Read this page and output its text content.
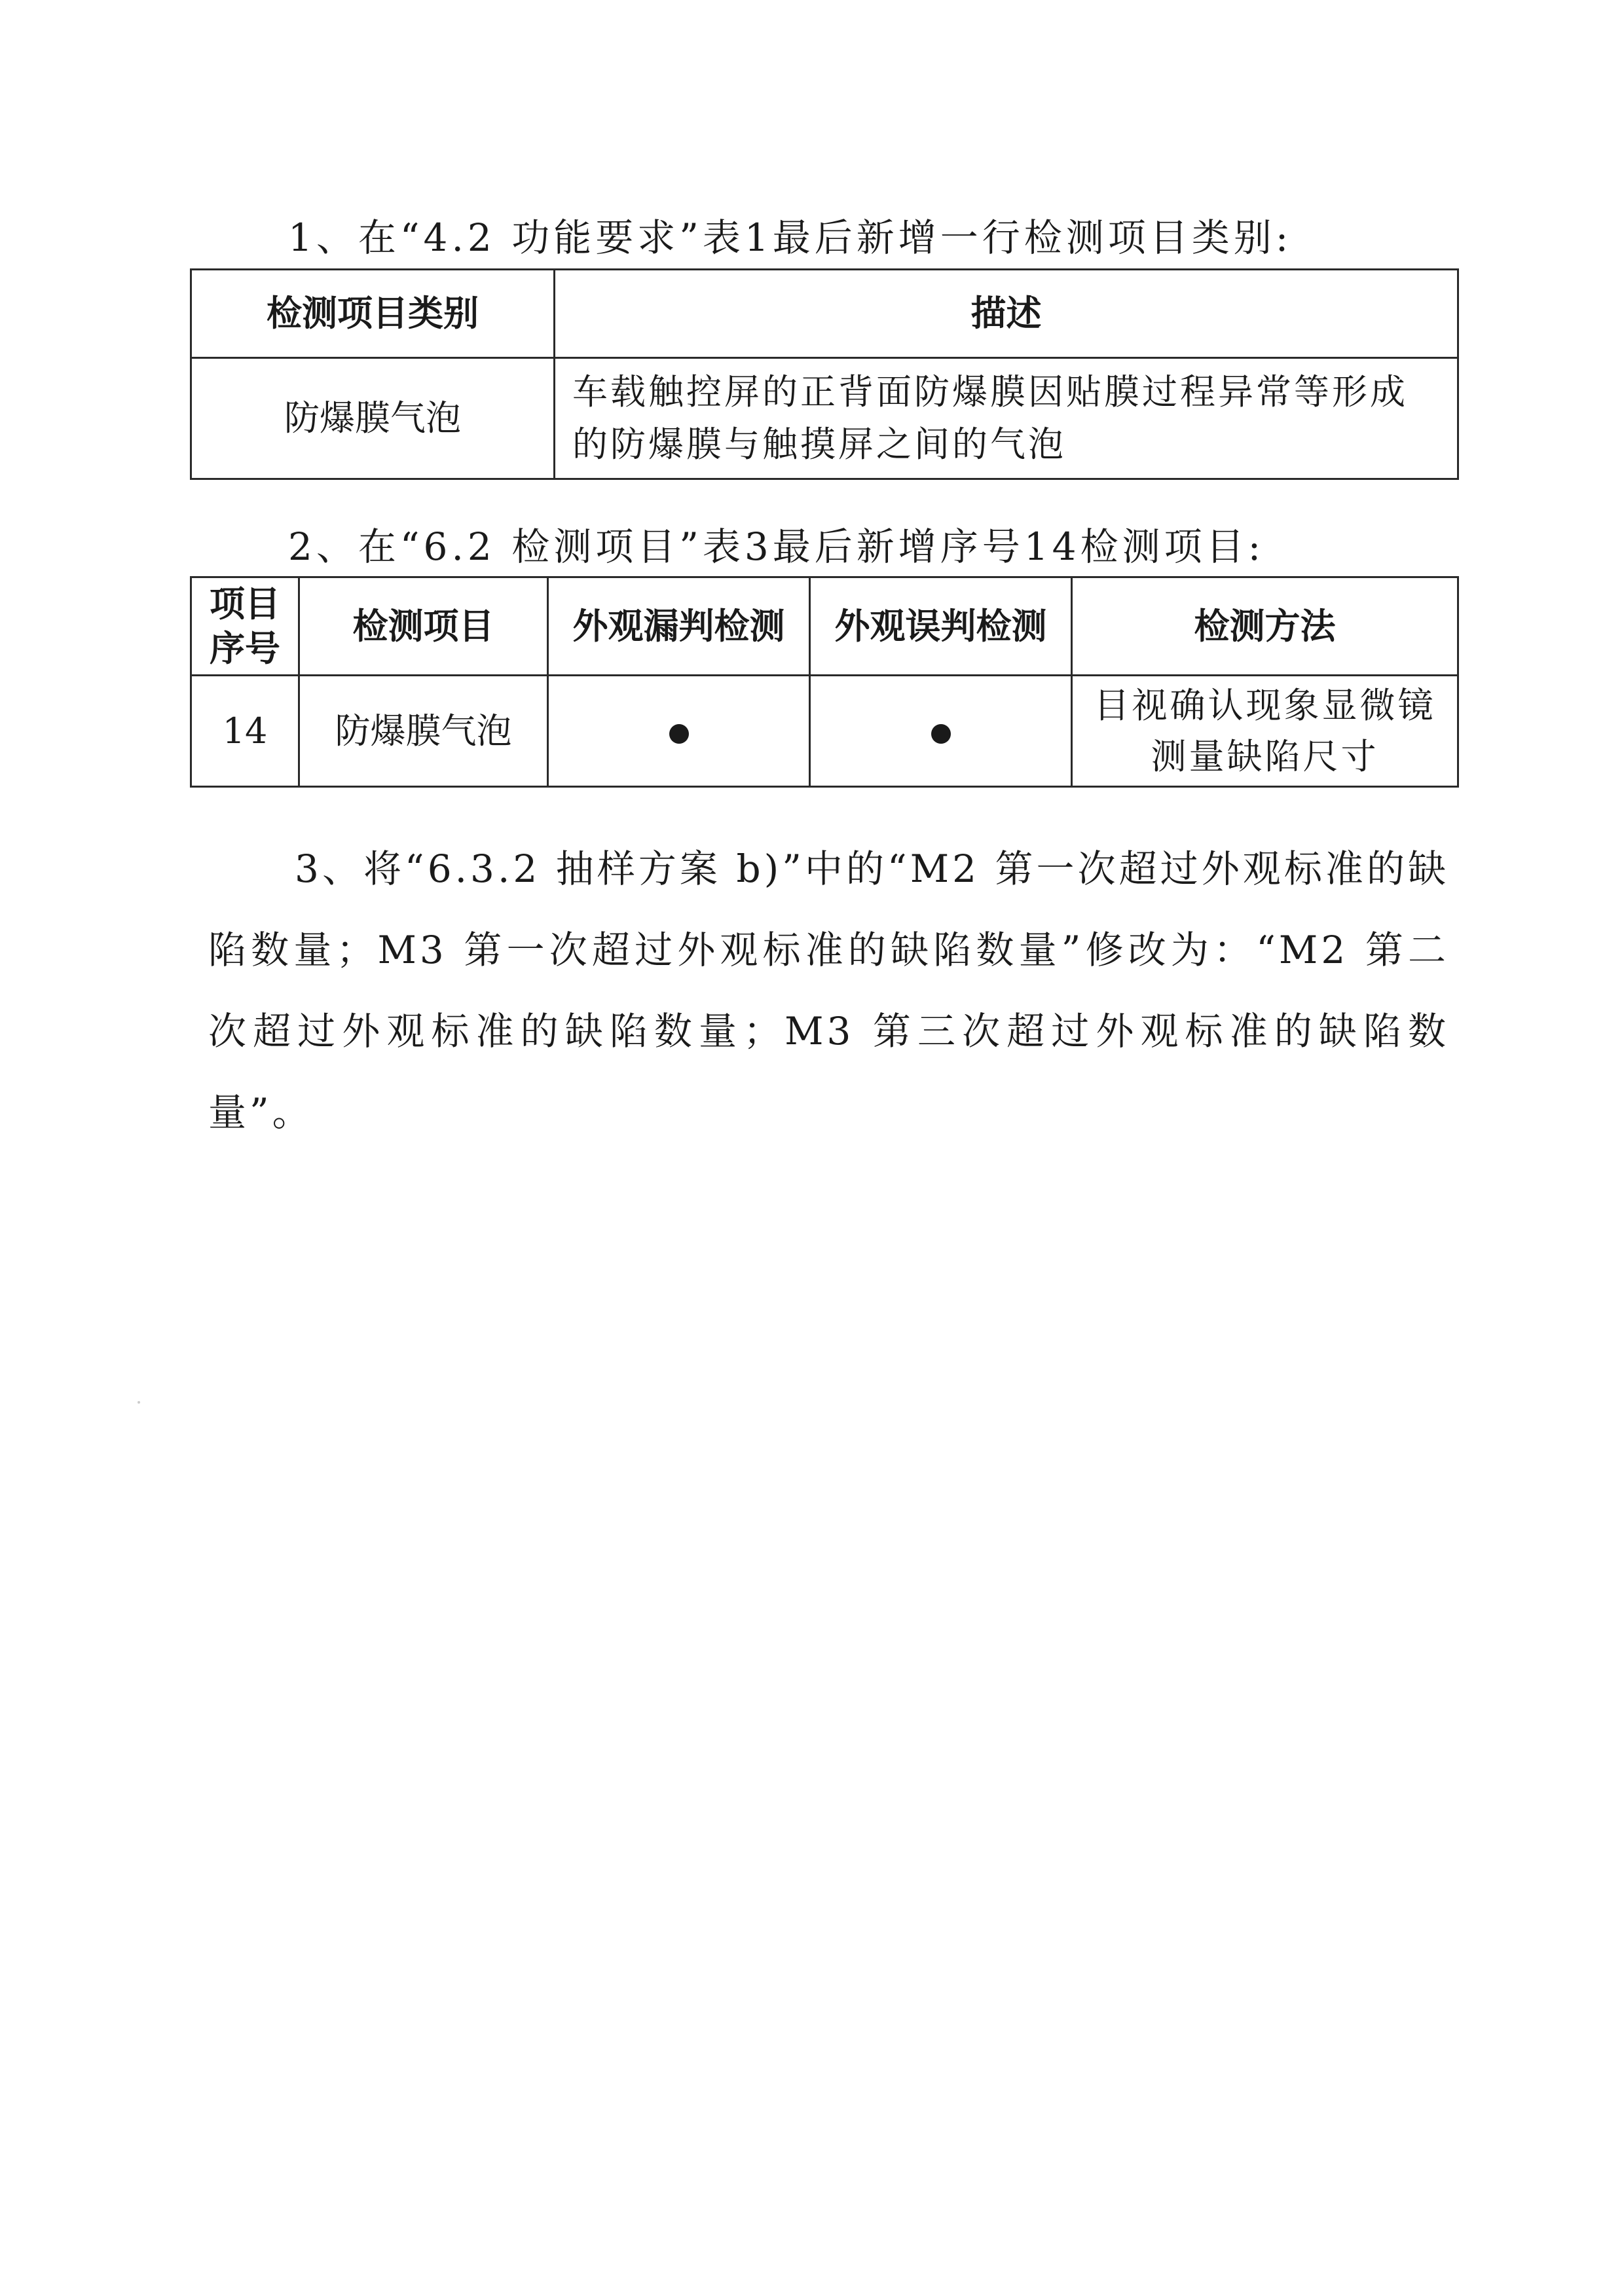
1、在“4.2 功能要求”表1最后新增一行检测项目类别:
检测项目类别	描述
防爆膜气泡	车载触控屏的正背面防爆膜因贴膜过程异常等形成的防爆膜与触摸屏之间的气泡
2、在“6.2 检测项目”表3最后新增序号14检测项目:
项目序号	检测项目	外观漏判检测	外观误判检测	检测方法
14	防爆膜气泡			目视确认现象显微镜测量缺陷尺寸
3、将“6.3.2 抽样方案 b)”中的“M2 第一次超过外观标准的缺陷数量；M3 第一次超过外观标准的缺陷数量”修改为：“M2 第二次超过外观标准的缺陷数量；M3 第三次超过外观标准的缺陷数量”。
